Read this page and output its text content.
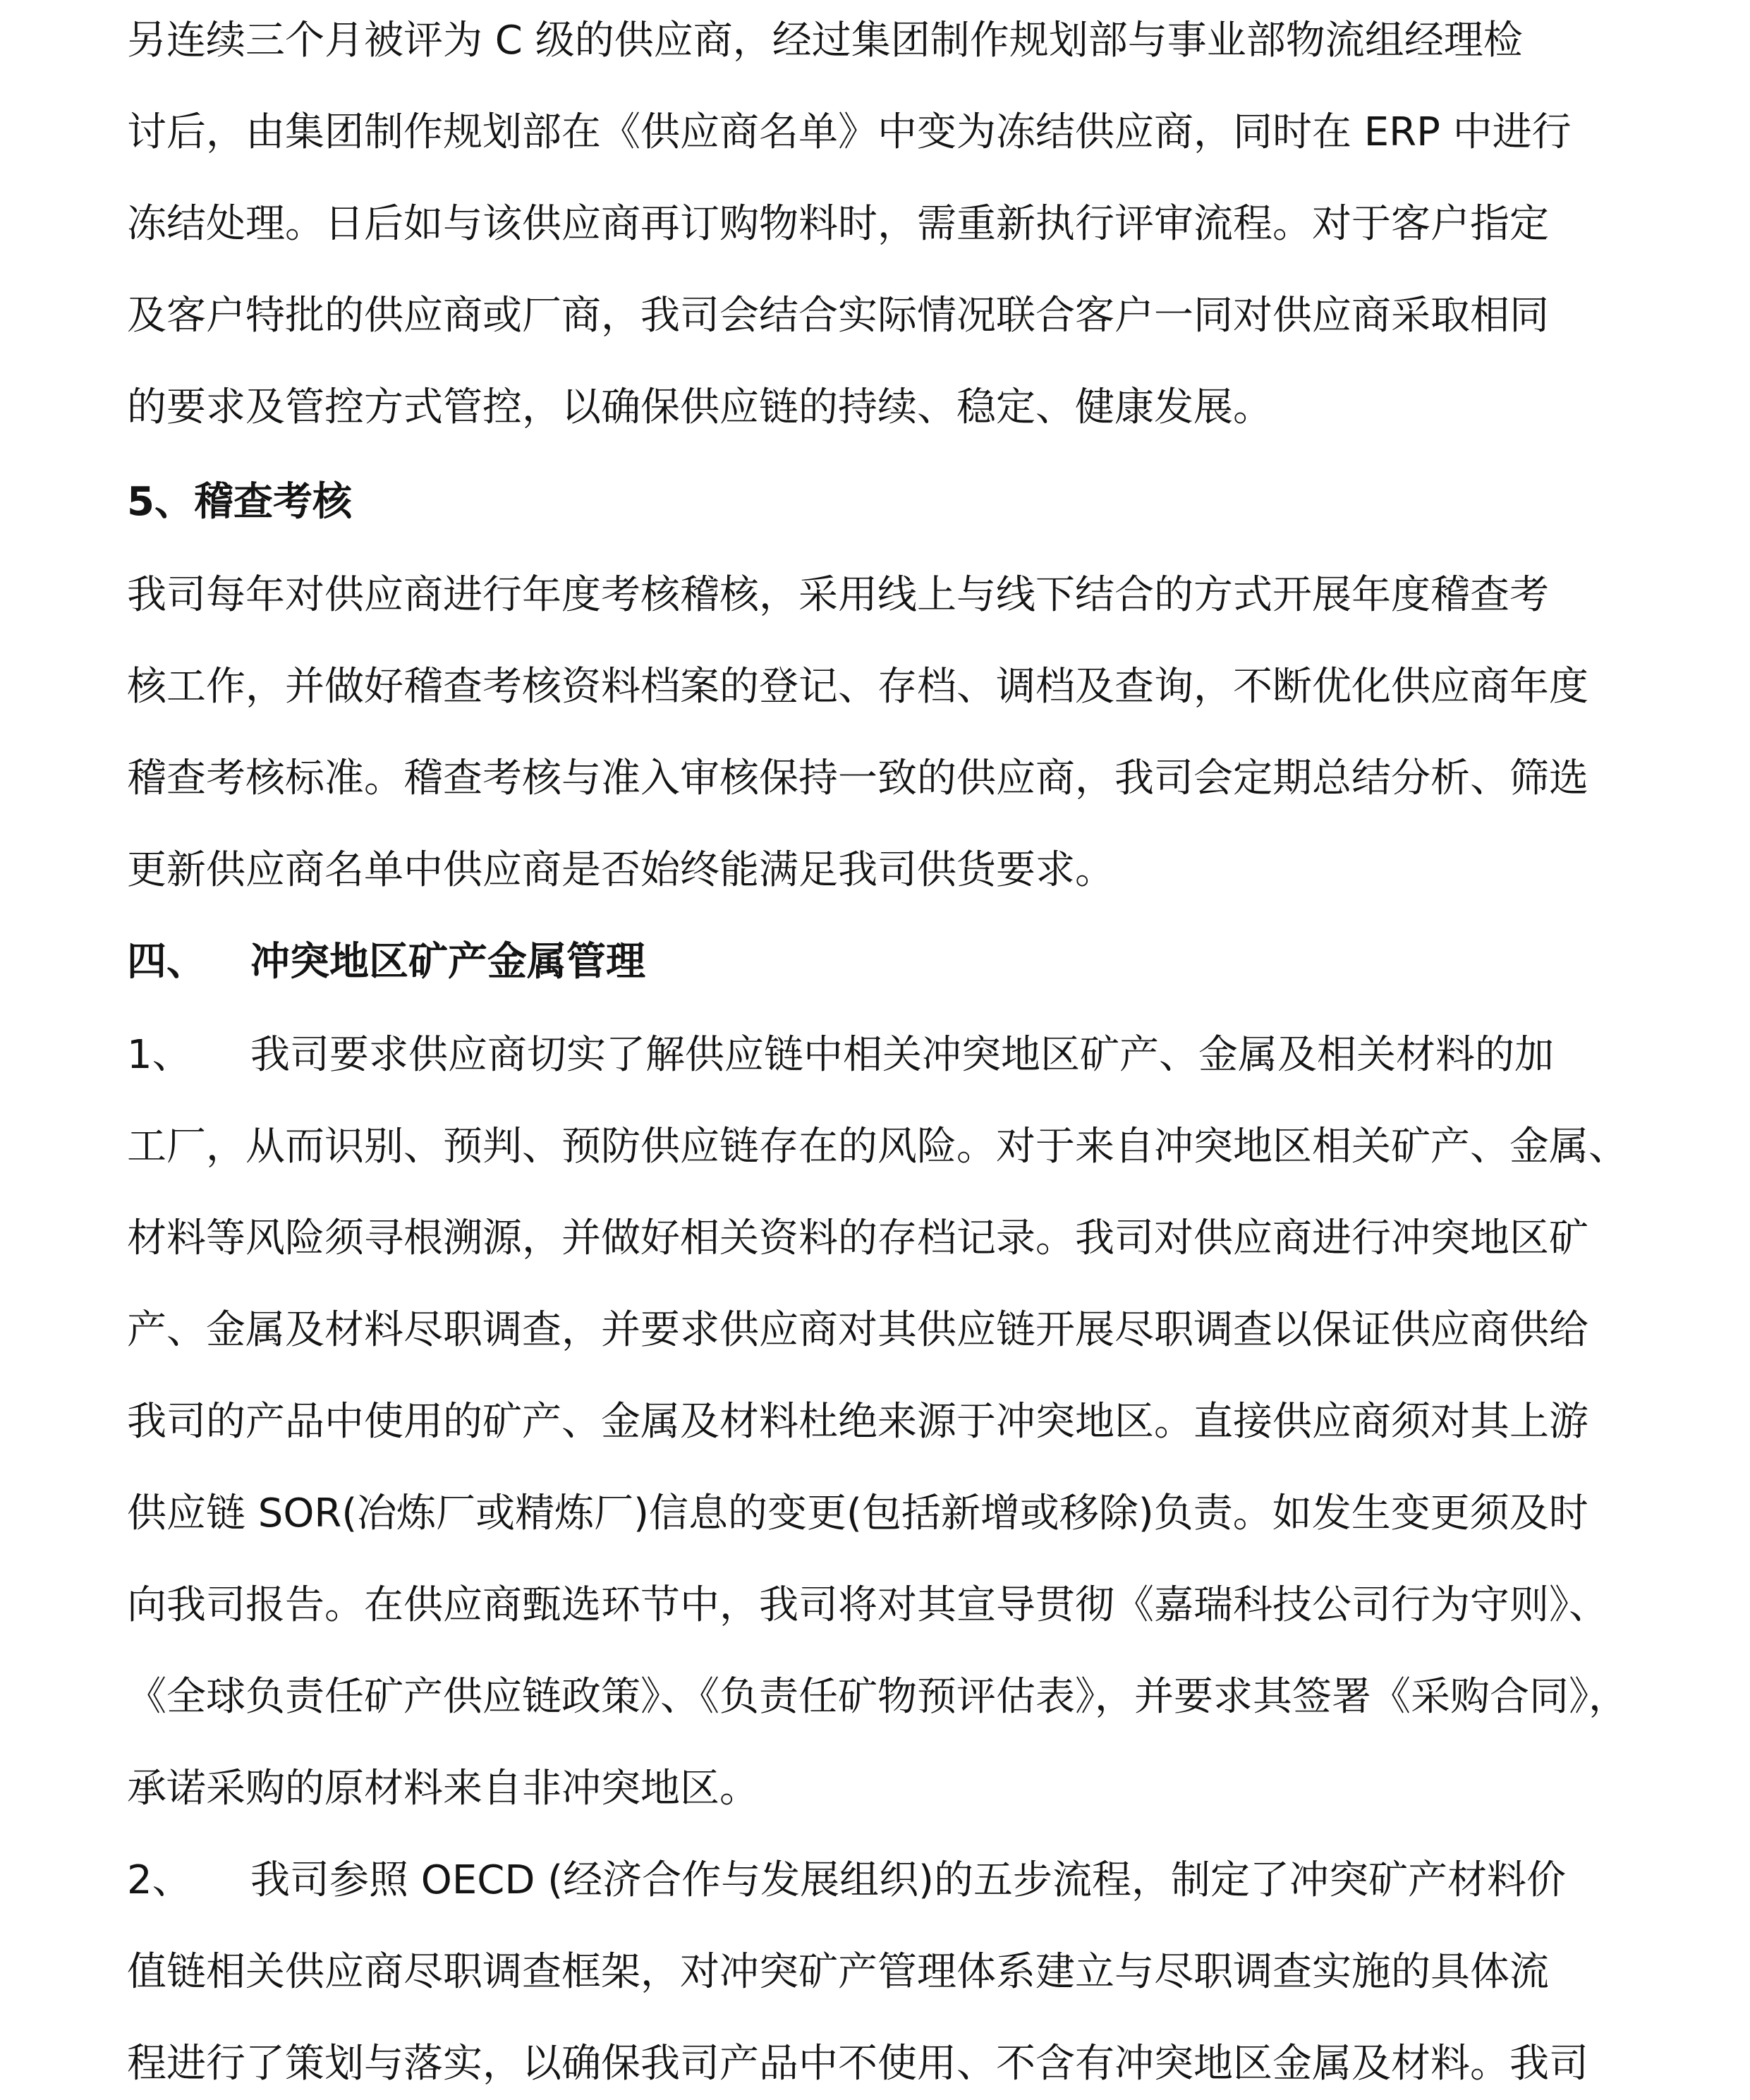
另连续三个月被评为 C 级的供应商，经过集团制作规划部与事业部物流组经理检
讨后，由集团制作规划部在《供应商名单》中变为冻结供应商，同时在 ERP 中进行
冻结处理。日后如与该供应商再订购物料时，需重新执行评审流程。对于客户指定
及客户特批的供应商或厂商，我司会结合实际情况联合客户一同对供应商采取相同
的要求及管控方式管控，以确保供应链的持续、稳定、健康发展。
5、稽查考核
我司每年对供应商进行年度考核稽核，采用线上与线下结合的方式开展年度稽查考
核工作，并做好稽查考核资料档案的登记、存档、调档及查询，不断优化供应商年度
稽查考核标准。稽查考核与准入审核保持一致的供应商，我司会定期总结分析、筛选
更新供应商名单中供应商是否始终能满足我司供货要求。
四、 冲突地区矿产金属管理
1、 我司要求供应商切实了解供应链中相关冲突地区矿产、金属及相关材料的加
工厂，从而识别、预判、预防供应链存在的风险。对于来自冲突地区相关矿产、金属、
材料等风险须寻根溯源，并做好相关资料的存档记录。我司对供应商进行冲突地区矿
产、金属及材料尽职调查，并要求供应商对其供应链开展尽职调查以保证供应商供给
我司的产品中使用的矿产、金属及材料杜绝来源于冲突地区。直接供应商须对其上游
供应链 SOR(冶炼厂或精炼厂)信息的变更(包括新增或移除)负责。如发生变更须及时
向我司报告。在供应商甄选环节中，我司将对其宣导贯彻《嘉瑞科技公司行为守则》、
《全球负责任矿产供应链政策》、《负责任矿物预评估表》，并要求其签署《采购合同》，
承诺采购的原材料来自非冲突地区。
2、 我司参照 OECD (经济合作与发展组织)的五步流程，制定了冲突矿产材料价
值链相关供应商尽职调查框架，对冲突矿产管理体系建立与尽职调查实施的具体流
程进行了策划与落实，以确保我司产品中不使用、不含有冲突地区金属及材料。我司
